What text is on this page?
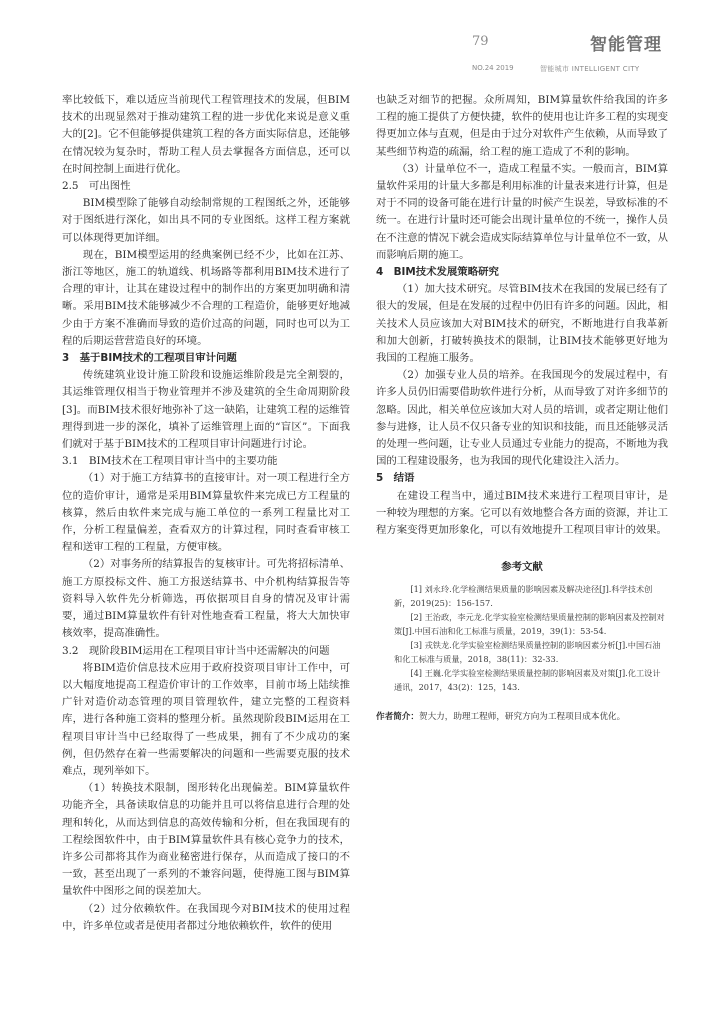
79	智能管理
NO.24 2019	智能城市 INTELLIGENT CITY

率比较低下，难以适应当前现代工程管理技术的发展，但BIM技术的出现显然对于推动建筑工程的进一步优化来说是意义重大的[2]。它不但能够提供建筑工程的各方面实际信息，还能够在情况较为复杂时，帮助工程人员去掌握各方面信息，还可以在时间控制上面进行优化。

2.5　可出图性

BIM模型除了能够自动绘制常规的工程图纸之外，还能够对于图纸进行深化，如出具不同的专业图纸。这样工程方案就可以体现得更加详细。

现在，BIM模型运用的经典案例已经不少，比如在江苏、浙江等地区，施工的轨道线、机场路等都利用BIM技术进行了合理的审计，让其在建设过程中的制作出的方案更加明确和清晰。采用BIM技术能够减少不合理的工程造价，能够更好地减少由于方案不准确而导致的造价过高的问题，同时也可以为工程的后期运营营造良好的环境。

3　基于BIM技术的工程项目审计问题

传统建筑业设计施工阶段和设施运维阶段是完全割裂的，其运维管理仅相当于物业管理并不涉及建筑的全生命周期阶段[3]。而BIM技术很好地弥补了这一缺陷，让建筑工程的运维管理得到进一步的深化，填补了运维管理上面的“盲区”。下面我们就对于基于BIM技术的工程项目审计问题进行讨论。

3.1　BIM技术在工程项目审计当中的主要功能

（1）对于施工方结算书的直接审计。对一项工程进行全方位的造价审计，通常是采用BIM算量软件来完成已方工程量的核算，然后由软件来完成与施工单位的一系列工程量比对工作，分析工程量偏差，查看双方的计算过程，同时查看审核工程和送审工程的工程量，方便审核。

（2）对事务所的结算报告的复核审计。可先将招标清单、施工方原投标文件、施工方报送结算书、中介机构结算报告等资料导入软件先分析筛选，再依据项目自身的情况及审计需要，通过BIM算量软件有针对性地查看工程量，将大大加快审核效率，提高准确性。

3.2　现阶段BIM运用在工程项目审计当中还需解决的问题

将BIM造价信息技术应用于政府投资项目审计工作中，可以大幅度地提高工程造价审计的工作效率，目前市场上陆续推广针对造价动态管理的项目管理软件，建立完整的工程资料库，进行各种施工资料的整理分析。虽然现阶段BIM运用在工程项目审计当中已经取得了一些成果，拥有了不少成功的案例，但仍然存在着一些需要解决的问题和一些需要克服的技术难点，现列举如下。

（1）转换技术限制，图形转化出现偏差。BIM算量软件功能齐全，具备读取信息的功能并且可以将信息进行合理的处理和转化，从而达到信息的高效传输和分析，但在我国现有的工程绘图软件中，由于BIM算量软件具有核心竞争力的技术，许多公司都将其作为商业秘密进行保存，从而造成了接口的不一致，甚至出现了一系列的不兼容问题，使得施工图与BIM算量软件中图形之间的误差加大。

（2）过分依赖软件。在我国现今对BIM技术的使用过程中，许多单位或者是使用者都过分地依赖软件，软件的使用

也缺乏对细节的把握。众所周知，BIM算量软件给我国的许多工程的施工提供了方便快捷，软件的使用也让许多工程的实现变得更加立体与直观，但是由于过分对软件产生依赖，从而导致了某些细节构造的疏漏，给工程的施工造成了不利的影响。

（3）计量单位不一，造成工程量不实。一般而言，BIM算量软件采用的计量大多都是利用标准的计量表来进行计算，但是对于不同的设备可能在进行计量的时候产生误差，导致标准的不统一。在进行计量时还可能会出现计量单位的不统一，操作人员在不注意的情况下就会造成实际结算单位与计量单位不一致，从而影响后期的施工。

4　BIM技术发展策略研究

（1）加大技术研究。尽管BIM技术在我国的发展已经有了很大的发展，但是在发展的过程中仍旧有许多的问题。因此，相关技术人员应该加大对BIM技术的研究，不断地进行自我革新和加大创新，打破转换技术的限制，让BIM技术能够更好地为我国的工程施工服务。

（2）加强专业人员的培养。在我国现今的发展过程中，有许多人员仍旧需要借助软件进行分析，从而导致了对许多细节的忽略。因此，相关单位应该加大对人员的培训，或者定期让他们参与进修，让人员不仅只备专业的知识和技能，而且还能够灵活的处理一些问题，让专业人员通过专业能力的提高，不断地为我国的工程建设服务，也为我国的现代化建设注入活力。

5　结语

在建设工程当中，通过BIM技术来进行工程项目审计，是一种较为理想的方案。它可以有效地整合各方面的资源，并让工程方案变得更加形象化，可以有效地提升工程项目审计的效果。

参考文献

[1] 刘永玲.化学检测结果质量的影响因素及解决途径[J].科学技术创新，2019(25)：156-157.

[2] 王治政，李元龙.化学实验室检测结果质量控制的影响因素及控制对策[J].中国石油和化工标准与质量，2019，39(1)：53-54.

[3] 戎铁龙.化学实验室检测结果质量控制的影响因素分析[J].中国石油和化工标准与质量，2018，38(11)：32-33.

[4] 王巍.化学实验室检测结果质量控制的影响因素及对策[J].化工设计通讯，2017，43(2)：125，143.

作者简介：贺大力，助理工程师，研究方向为工程项目成本优化。
